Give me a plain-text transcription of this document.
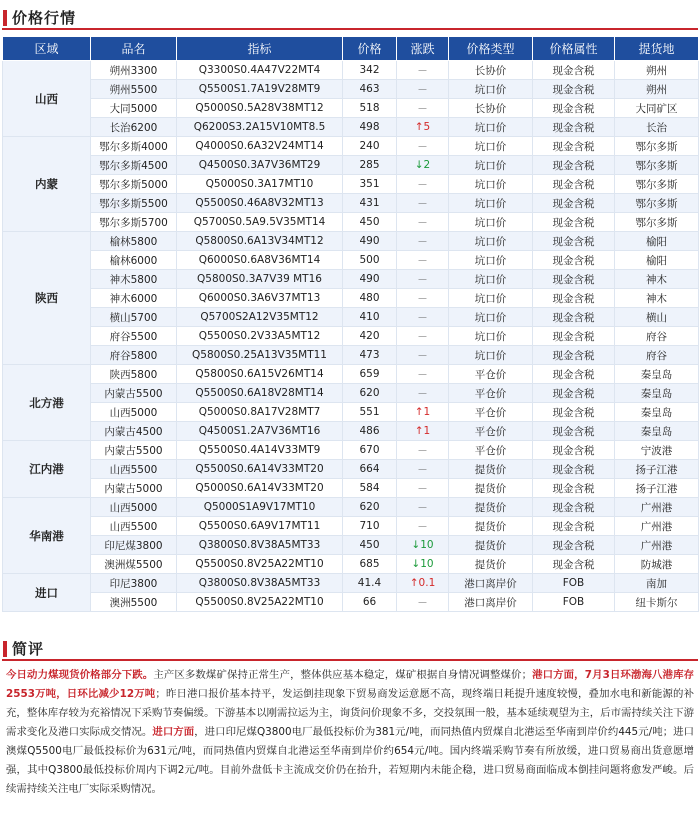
价格行情
区域	品名	指标	价格	涨跌	价格类型	价格属性	提货地
山西	朔州3300	Q3300S0.4A47V22MT4	342	－	长协价	现金含税	朔州
	朔州5500	Q5500S1.7A19V28MT9	463	－	坑口价	现金含税	朔州
	大同5000	Q5000S0.5A28V38MT12	518	－	长协价	现金含税	大同矿区
	长治6200	Q6200S3.2A15V10MT8.5	498	↑5	坑口价	现金含税	长治
内蒙	鄂尔多斯4000	Q4000S0.6A32V24MT14	240	－	坑口价	现金含税	鄂尔多斯
	鄂尔多斯4500	Q4500S0.3A7V36MT29	285	↓2	坑口价	现金含税	鄂尔多斯
	鄂尔多斯5000	Q5000S0.3A17MT10	351	－	坑口价	现金含税	鄂尔多斯
	鄂尔多斯5500	Q5500S0.46A8V32MT13	431	－	坑口价	现金含税	鄂尔多斯
	鄂尔多斯5700	Q5700S0.5A9.5V35MT14	450	－	坑口价	现金含税	鄂尔多斯
陕西	榆林5800	Q5800S0.6A13V34MT12	490	－	坑口价	现金含税	榆阳
	榆林6000	Q6000S0.6A8V36MT14	500	－	坑口价	现金含税	榆阳
	神木5800	Q5800S0.3A7V39 MT16	490	－	坑口价	现金含税	神木
	神木6000	Q6000S0.3A6V37MT13	480	－	坑口价	现金含税	神木
	横山5700	Q5700S2A12V35MT12	410	－	坑口价	现金含税	横山
	府谷5500	Q5500S0.2V33A5MT12	420	－	坑口价	现金含税	府谷
	府谷5800	Q5800S0.25A13V35MT11	473	－	坑口价	现金含税	府谷
北方港	陕西5800	Q5800S0.6A15V26MT14	659	－	平仓价	现金含税	秦皇岛
	内蒙古5500	Q5500S0.6A18V28MT14	620	－	平仓价	现金含税	秦皇岛
	山西5000	Q5000S0.8A17V28MT7	551	↑1	平仓价	现金含税	秦皇岛
	内蒙古4500	Q4500S1.2A7V36MT16	486	↑1	平仓价	现金含税	秦皇岛
江内港	内蒙古5500	Q5500S0.4A14V33MT9	670	－	平仓价	现金含税	宁波港
	山西5500	Q5500S0.6A14V33MT20	664	－	提货价	现金含税	扬子江港
	内蒙古5000	Q5000S0.6A14V33MT20	584	－	提货价	现金含税	扬子江港
华南港	山西5000	Q5000S1A9V17MT10	620	－	提货价	现金含税	广州港
	山西5500	Q5500S0.6A9V17MT11	710	－	提货价	现金含税	广州港
	印尼煤3800	Q3800S0.8V38A5MT33	450	↓10	提货价	现金含税	广州港
	澳洲煤5500	Q5500S0.8V25A22MT10	685	↓10	提货价	现金含税	防城港
进口	印尼3800	Q3800S0.8V38A5MT33	41.4	↑0.1	港口离岸价	FOB	南加
	澳洲5500	Q5500S0.8V25A22MT10	66	－	港口离岸价	FOB	纽卡斯尔
简评
今日动力煤现货价格部分下跌。主产区多数煤矿保持正常生产，整体供应基本稳定，煤矿根据自身情况调整煤价；港口方面，7月3日环渤海八港库存2553万吨，日环比减少12万吨；昨日港口报价基本持平，发运倒挂现象下贸易商发运意愿不高，现终端日耗提升速度较慢，叠加水电和新能源的补充，整体库存较为充裕情况下采购节奏偏缓。下游基本以刚需拉运为主，询货问价现象不多，交投氛围一般，基本延续观望为主，后市需持续关注下游需求变化及港口实际成交情况。进口方面，进口印尼煤Q3800电厂最低投标价为381元/吨，而同热值内贸煤自北港运至华南到岸价约445元/吨；进口澳煤Q5500电厂最低投标价为631元/吨，而同热值内贸煤自北港运至华南到岸价约654元/吨。国内终端采购节奏有所放缓，进口贸易商出货意愿增强，其中Q3800最低投标价周内下调2元/吨。目前外盘低卡主流成交价仍在抬升，若短期内未能企稳，进口贸易商面临成本倒挂问题将愈发严峻。后续需持续关注电厂实际采购情况。
